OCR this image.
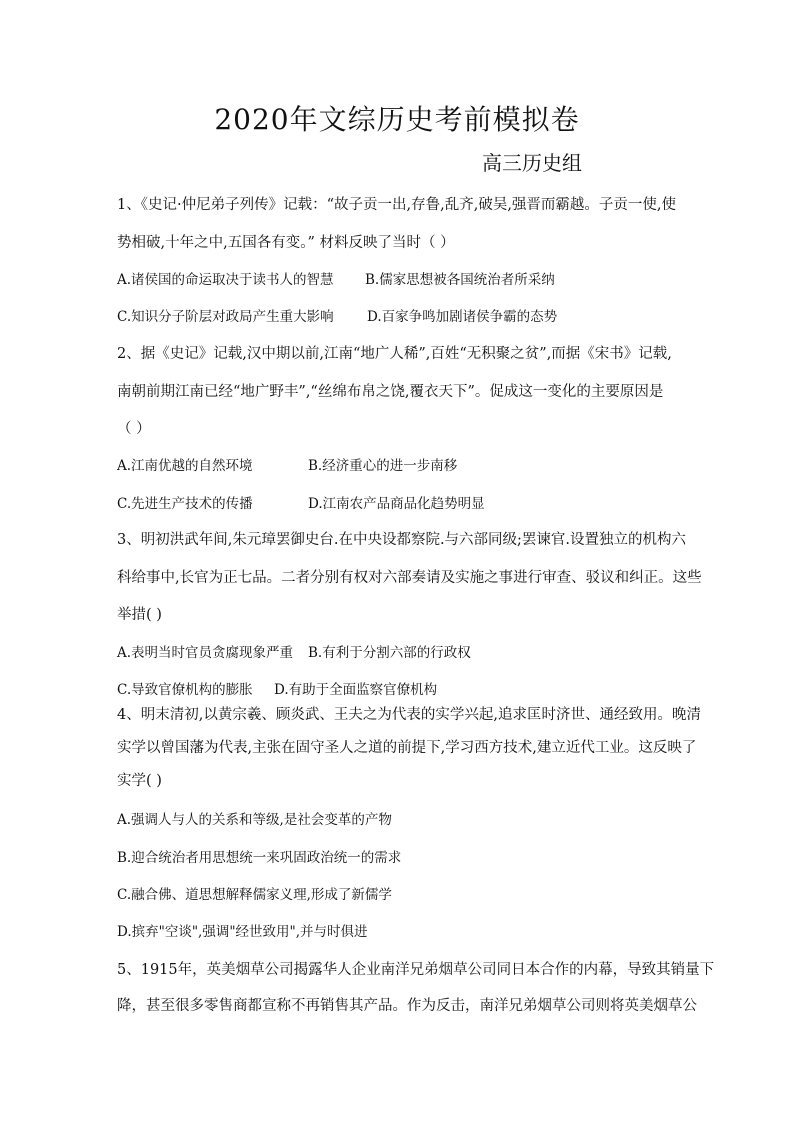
2020年文综历史考前模拟卷
高三历史组
1、《史记·仲尼弟子列传》记载：“故子贡一出,存鲁,乱齐,破吴,强晋而霸越。子贡一使,使
势相破,十年之中,五国各有变。” 材料反映了当时（ ）
A.诸侯国的命运取决于读书人的智慧 B.儒家思想被各国统治者所采纳
C.知识分子阶层对政局产生重大影响 D.百家争鸣加剧诸侯争霸的态势
2、据《史记》记载,汉中期以前,江南“地广人稀”,百姓“无积聚之贫”,而据《宋书》记载,
南朝前期江南已经“地广野丰”,“丝绵布帛之饶,覆衣天下”。促成这一变化的主要原因是
（ ）
A.江南优越的自然环境	B.经济重心的进一步南移
C.先进生产技术的传播	D.江南农产品商品化趋势明显
3、明初洪武年间,朱元璋罢御史台.在中央设都察院.与六部同级;罢谏官.设置独立的机构六
科给事中,长官为正七品。二者分别有权对六部奏请及实施之事进行审查、驳议和纠正。这些
举措( )
A.表明当时官员贪腐现象严重 B.有利于分割六部的行政权
C.导致官僚机构的膨胀 D.有助于全面监察官僚机构
4、明末清初,以黄宗羲、顾炎武、王夫之为代表的实学兴起,追求匡时济世、通经致用。晚清
实学以曾国藩为代表,主张在固守圣人之道的前提下,学习西方技术,建立近代工业。这反映了
实学( )
A.强调人与人的关系和等级,是社会变革的产物
B.迎合统治者用思想统一来巩固政治统一的需求
C.融合佛、道思想解释儒家义理,形成了新儒学
D.摈弃"空谈",强调"经世致用",并与时俱进
5、1915年，英美烟草公司揭露华人企业南洋兄弟烟草公司同日本合作的内幕，导致其销量下
降，甚至很多零售商都宣称不再销售其产品。作为反击，南洋兄弟烟草公司则将英美烟草公
